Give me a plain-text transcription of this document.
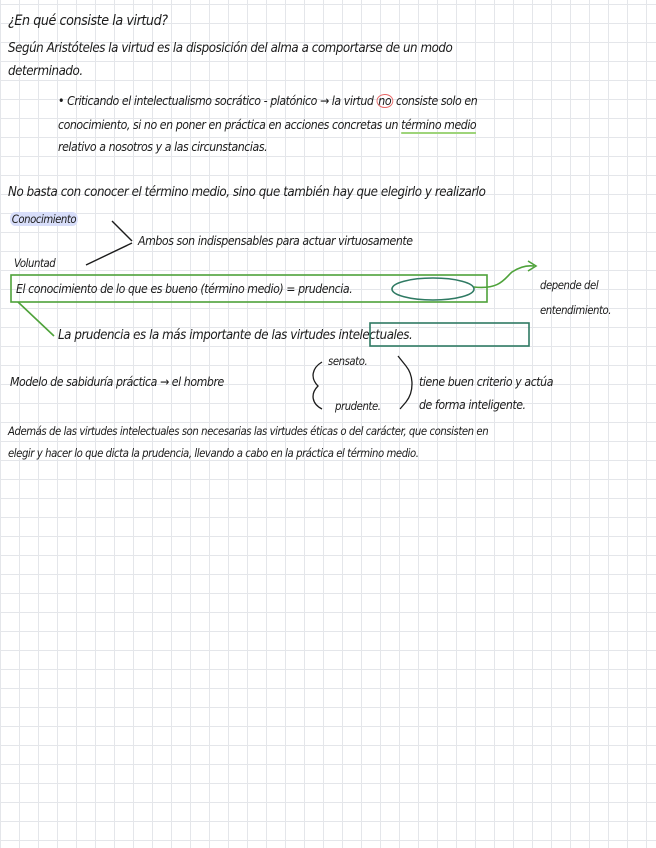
¿En qué consiste la virtud?
Según Aristóteles la virtud es la disposición del alma a comportarse de un modo
determinado.
• Criticando el intelectualismo socrático - platónico → la virtud no consiste solo en
conocimiento, si no en poner en práctica en acciones concretas un término medio
relativo a nosotros y a las circunstancias.
No basta con conocer el término medio, sino que también hay que elegirlo y realizarlo
Conocimiento
Ambos son indispensables para actuar virtuosamente
Voluntad
El conocimiento de lo que es bueno (término medio) = prudencia.	depende del
entendimiento.
La prudencia es la más importante de las virtudes intelectuales.
Modelo de sabiduría práctica → el hombre
sensato.
prudente.
tiene buen criterio y actúa
de forma inteligente.
Además de las virtudes intelectuales son necesarias las virtudes éticas o del carácter, que consisten en
elegir y hacer lo que dicta la prudencia, llevando a cabo en la práctica el término medio.
